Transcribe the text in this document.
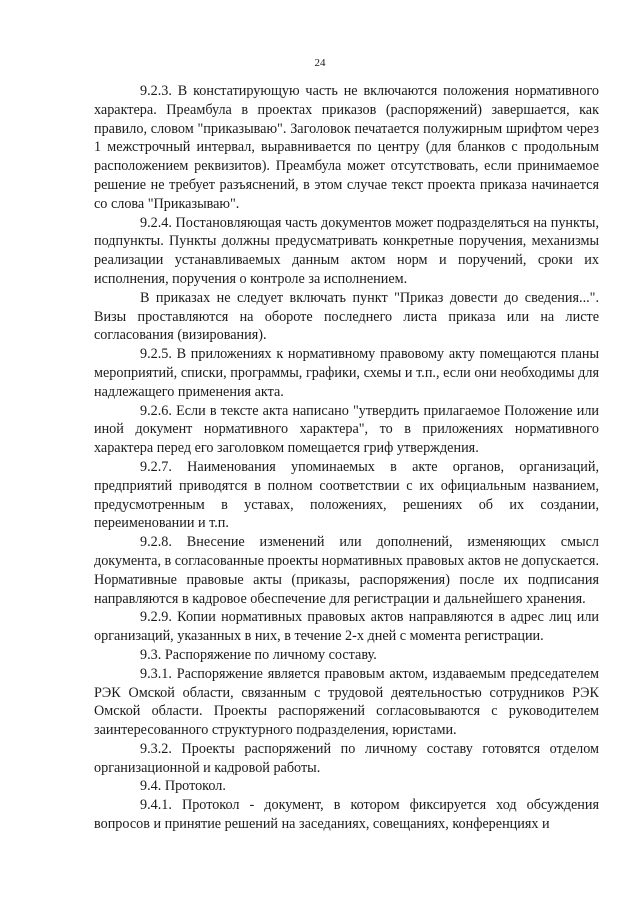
24

9.2.3. В констатирующую часть не включаются положения нормативного характера. Преамбула в проектах приказов (распоряжений) завершается, как правило, словом "приказываю". Заголовок печатается полужирным шрифтом через 1 межстрочный интервал, выравнивается по центру (для бланков с продольным расположением реквизитов). Преамбула может отсутствовать, если принимаемое решение не требует разъяснений, в этом случае текст проекта приказа начинается со слова "Приказываю".

9.2.4. Постановляющая часть документов может подразделяться на пункты, подпункты. Пункты должны предусматривать конкретные поручения, механизмы реализации устанавливаемых данным актом норм и поручений, сроки их исполнения, поручения о контроле за исполнением.

В приказах не следует включать пункт "Приказ довести до сведения...". Визы проставляются на обороте последнего листа приказа или на листе согласования (визирования).

9.2.5. В приложениях к нормативному правовому акту помещаются планы мероприятий, списки, программы, графики, схемы и т.п., если они необходимы для надлежащего применения акта.

9.2.6. Если в тексте акта написано "утвердить прилагаемое Положение или иной документ нормативного характера", то в приложениях нормативного характера перед его заголовком помещается гриф утверждения.

9.2.7. Наименования упоминаемых в акте органов, организаций, предприятий приводятся в полном соответствии с их официальным названием, предусмотренным в уставах, положениях, решениях об их создании, переименовании и т.п.

9.2.8. Внесение изменений или дополнений, изменяющих смысл документа, в согласованные проекты нормативных правовых актов не допускается. Нормативные правовые акты (приказы, распоряжения) после их подписания направляются в кадровое обеспечение для регистрации и дальнейшего хранения.

9.2.9. Копии нормативных правовых актов направляются в адрес лиц или организаций, указанных в них, в течение 2-х дней с момента регистрации.

9.3. Распоряжение по личному составу.

9.3.1. Распоряжение является правовым актом, издаваемым председателем РЭК Омской области, связанным с трудовой деятельностью сотрудников РЭК Омской области. Проекты распоряжений согласовываются с руководителем заинтересованного структурного подразделения, юристами.

9.3.2. Проекты распоряжений по личному составу готовятся отделом организационной и кадровой работы.

9.4. Протокол.

9.4.1. Протокол - документ, в котором фиксируется ход обсуждения вопросов и принятие решений на заседаниях, совещаниях, конференциях и
